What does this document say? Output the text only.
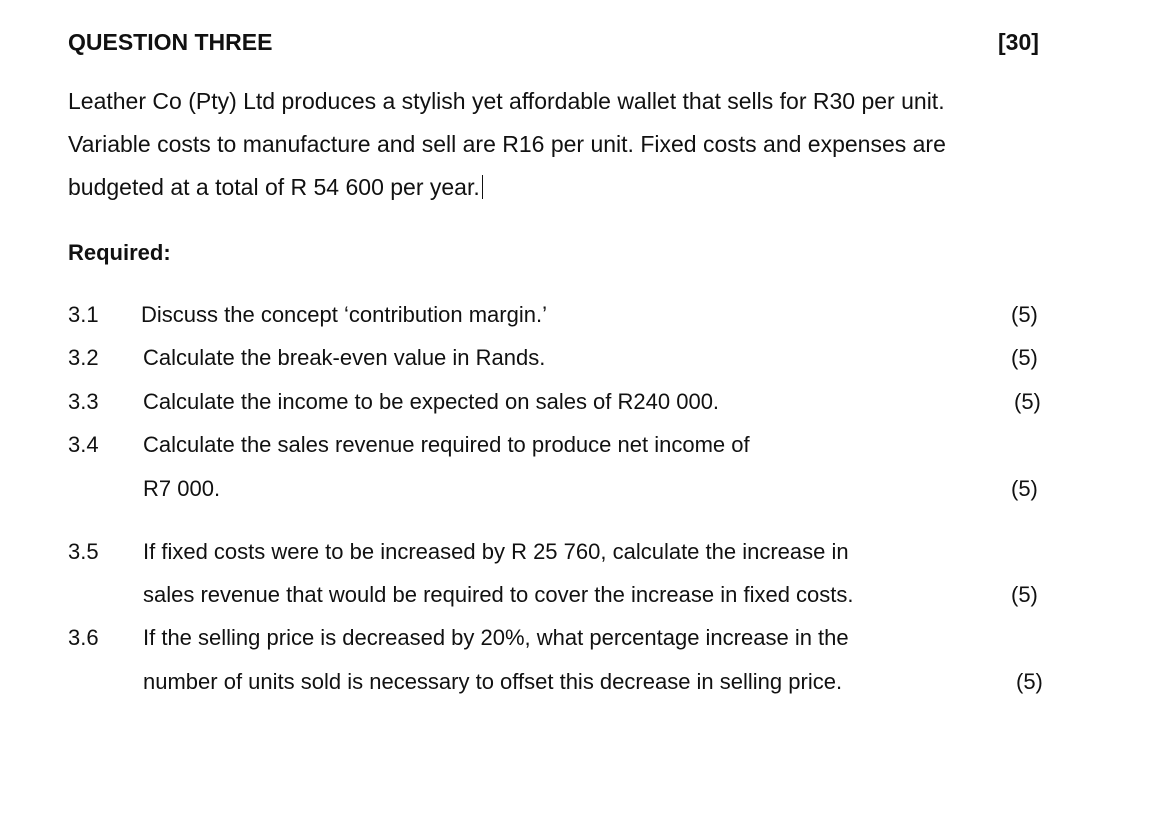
QUESTION THREE	[30]
Leather Co (Pty) Ltd produces a stylish yet affordable wallet that sells for R30 per unit.
Variable costs to manufacture and sell are R16 per unit. Fixed costs and expenses are
budgeted at a total of R 54 600 per year.
Required:
3.1 Discuss the concept ‘contribution margin.’	(5)
3.2 Calculate the break-even value in Rands.	(5)
3.3 Calculate the income to be expected on sales of R240 000.	(5)
3.4 Calculate the sales revenue required to produce net income of
R7 000.	(5)
3.5 If fixed costs were to be increased by R 25 760, calculate the increase in
sales revenue that would be required to cover the increase in fixed costs.	(5)
3.6 If the selling price is decreased by 20%, what percentage increase in the
number of units sold is necessary to offset this decrease in selling price.	(5)
